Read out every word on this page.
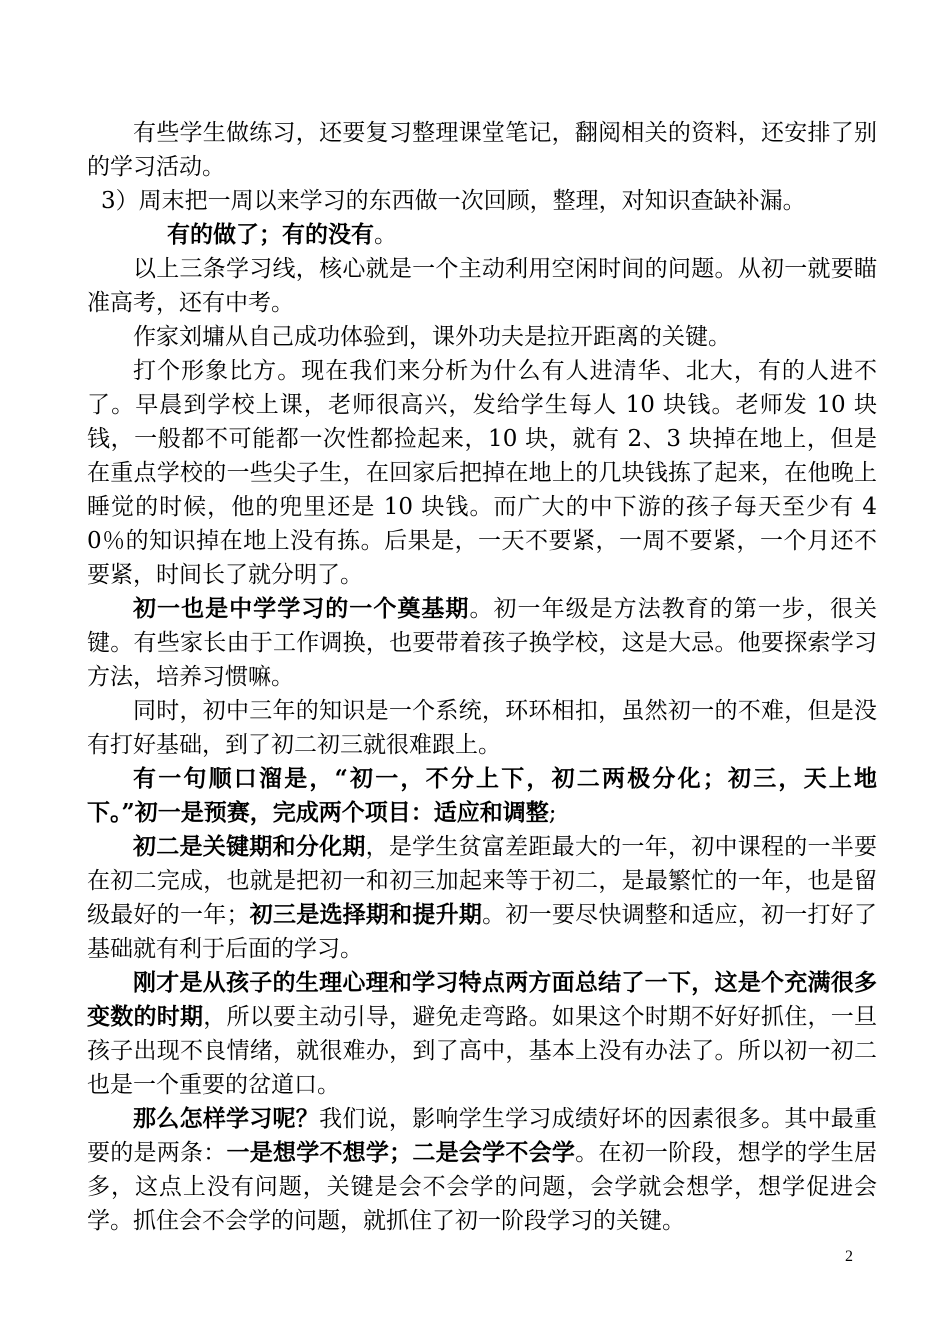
有些学生做练习，还要复习整理课堂笔记，翻阅相关的资料，还安排了别的学习活动。

3）周末把一周以来学习的东西做一次回顾，整理，对知识查缺补漏。

有的做了；有的没有。

以上三条学习线，核心就是一个主动利用空闲时间的问题。从初一就要瞄准高考，还有中考。

作家刘墉从自己成功体验到，课外功夫是拉开距离的关键。

打个形象比方。现在我们来分析为什么有人进清华、北大，有的人进不了。早晨到学校上课，老师很高兴，发给学生每人 10 块钱。老师发 10 块钱，一般都不可能都一次性都捡起来，10 块，就有 2、3 块掉在地上，但是在重点学校的一些尖子生，在回家后把掉在地上的几块钱拣了起来，在他晚上睡觉的时候，他的兜里还是 10 块钱。而广大的中下游的孩子每天至少有 40％的知识掉在地上没有拣。后果是，一天不要紧，一周不要紧，一个月还不要紧，时间长了就分明了。

初一也是中学学习的一个奠基期。初一年级是方法教育的第一步，很关键。有些家长由于工作调换，也要带着孩子换学校，这是大忌。他要探索学习方法，培养习惯嘛。

同时，初中三年的知识是一个系统，环环相扣，虽然初一的不难，但是没有打好基础，到了初二初三就很难跟上。

有一句顺口溜是，“初一，不分上下，初二两极分化；初三，天上地下。”初一是预赛，完成两个项目：适应和调整;

初二是关键期和分化期，是学生贫富差距最大的一年，初中课程的一半要在初二完成，也就是把初一和初三加起来等于初二，是最繁忙的一年，也是留级最好的一年；初三是选择期和提升期。初一要尽快调整和适应，初一打好了基础就有利于后面的学习。

刚才是从孩子的生理心理和学习特点两方面总结了一下，这是个充满很多变数的时期，所以要主动引导，避免走弯路。如果这个时期不好好抓住，一旦孩子出现不良情绪，就很难办，到了高中，基本上没有办法了。所以初一初二也是一个重要的岔道口。

那么怎样学习呢？我们说，影响学生学习成绩好坏的因素很多。其中最重要的是两条：一是想学不想学；二是会学不会学。在初一阶段，想学的学生居多，这点上没有问题，关键是会不会学的问题，会学就会想学，想学促进会学。抓住会不会学的问题，就抓住了初一阶段学习的关键。

2
